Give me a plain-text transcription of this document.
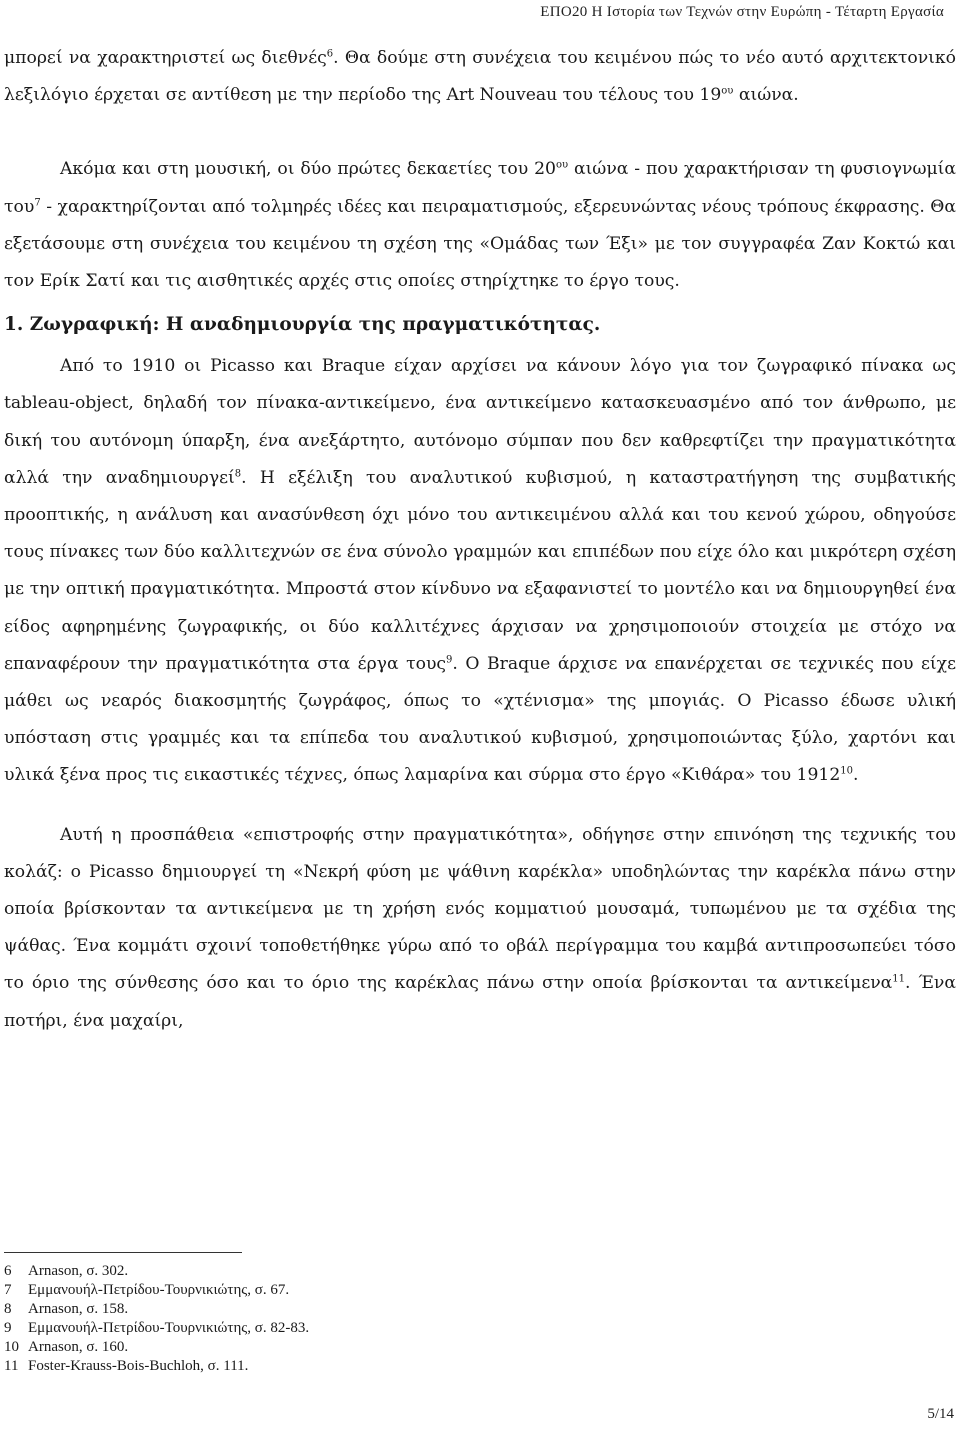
ΕΠΟ20 Η Ιστορία των Τεχνών στην Ευρώπη - Τέταρτη Εργασία

μπορεί να χαρακτηριστεί ως διεθνές$^6$. Θα δούμε στη συνέχεια του κειμένου πώς το νέο αυτό αρχιτεκτονικό λεξιλόγιο έρχεται σε αντίθεση με την περίοδο της Art Nouveau του τέλους του $19^{o\upsilon}$ αιώνα.

Ακόμα και στη μουσική, οι δύο πρώτες δεκαετίες του $20^{o\upsilon}$ αιώνα - που χαρακτήρισαν τη φυσιογνωμία του$^7$ - χαρακτηρίζονται από τολμηρές ιδέες και πειραματισμούς, εξερευνώντας νέους τρόπους έκφρασης. Θα εξετάσουμε στη συνέχεια του κειμένου τη σχέση της «Ομάδας των Έξι» με τον συγγραφέα Ζαν Κοκτώ και τον Ερίκ Σατί και τις αισθητικές αρχές στις οποίες στηρίχτηκε το έργο τους.

1. Ζωγραφική: Η αναδημιουργία της πραγματικότητας.

Από το 1910 οι Picasso και Braque είχαν αρχίσει να κάνουν λόγο για τον ζωγραφικό πίνακα ως tableau-object, δηλαδή τον πίνακα-αντικείμενο, ένα αντικείμενο κατασκευασμένο από τον άνθρωπο, με δική του αυτόνομη ύπαρξη, ένα ανεξάρτητο, αυτόνομο σύμπαν που δεν καθρεφτίζει την πραγματικότητα αλλά την αναδημιουργεί$^8$. Η εξέλιξη του αναλυτικού κυβισμού, η καταστρατήγηση της συμβατικής προοπτικής, η ανάλυση και ανασύνθεση όχι μόνο του αντικειμένου αλλά και του κενού χώρου, οδηγούσε τους πίνακες των δύο καλλιτεχνών σε ένα σύνολο γραμμών και επιπέδων που είχε όλο και μικρότερη σχέση με την οπτική πραγματικότητα. Μπροστά στον κίνδυνο να εξαφανιστεί το μοντέλο και να δημιουργηθεί ένα είδος αφηρημένης ζωγραφικής, οι δύο καλλιτέχνες άρχισαν να χρησιμοποιούν στοιχεία με στόχο να επαναφέρουν την πραγματικότητα στα έργα τους$^9$. Ο Braque άρχισε να επανέρχεται σε τεχνικές που είχε μάθει ως νεαρός διακοσμητής ζωγράφος, όπως το «χτένισμα» της μπογιάς. Ο Picasso έδωσε υλική υπόσταση στις γραμμές και τα επίπεδα του αναλυτικού κυβισμού, χρησιμοποιώντας ξύλο, χαρτόνι και υλικά ξένα προς τις εικαστικές τέχνες, όπως λαμαρίνα και σύρμα στο έργο «Κιθάρα» του 1912$^{10}$.

Αυτή η προσπάθεια «επιστροφής στην πραγματικότητα», οδήγησε στην επινόηση της τεχνικής του κολάζ: ο Picasso δημιουργεί τη «Νεκρή φύση με ψάθινη καρέκλα» υποδηλώντας την καρέκλα πάνω στην οποία βρίσκονταν τα αντικείμενα με τη χρήση ενός κομματιού μουσαμά, τυπωμένου με τα σχέδια της ψάθας. Ένα κομμάτι σχοινί τοποθετήθηκε γύρω από το οβάλ περίγραμμα του καμβά αντιπροσωπεύει τόσο το όριο της σύνθεσης όσο και το όριο της καρέκλας πάνω στην οποία βρίσκονται τα αντικείμενα$^{11}$. Ένα ποτήρι, ένα μαχαίρι,

6 Arnason, σ. 302.
7 Εμμανουήλ-Πετρίδου-Τουρνικιώτης, σ. 67.
8 Arnason, σ. 158.
9 Εμμανουήλ-Πετρίδου-Τουρνικιώτης, σ. 82-83.
10 Arnason, σ. 160.
11 Foster-Krauss-Bois-Buchloh, σ. 111.
5/14
